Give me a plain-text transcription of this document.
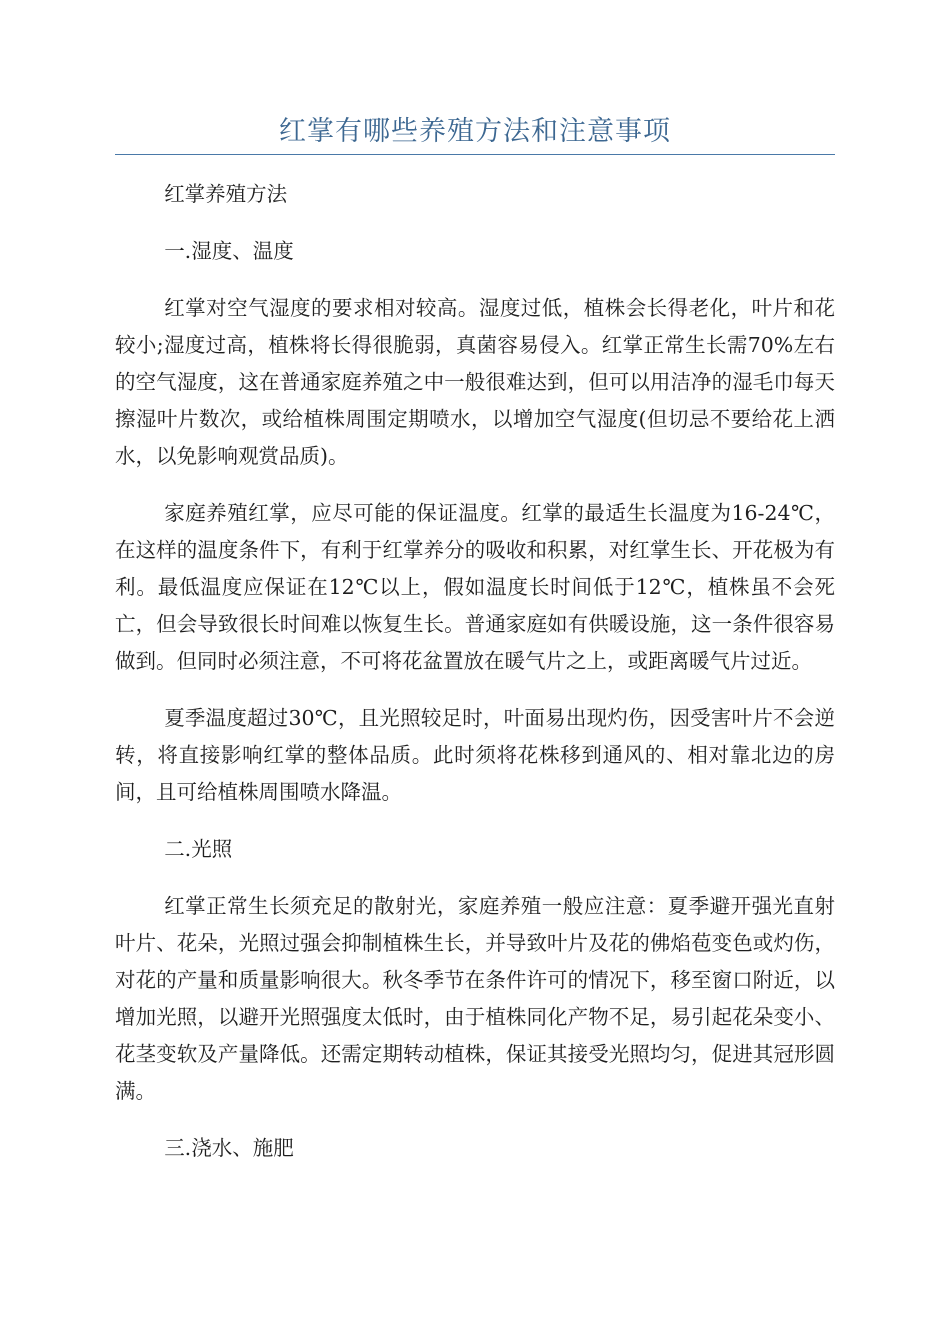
红掌有哪些养殖方法和注意事项

红掌养殖方法

一.湿度、温度

红掌对空气湿度的要求相对较高。湿度过低，植株会长得老化，叶片和花较小;湿度过高，植株将长得很脆弱，真菌容易侵入。红掌正常生长需70%左右的空气湿度，这在普通家庭养殖之中一般很难达到，但可以用洁净的湿毛巾每天擦湿叶片数次，或给植株周围定期喷水，以增加空气湿度(但切忌不要给花上洒水，以免影响观赏品质)。

家庭养殖红掌，应尽可能的保证温度。红掌的最适生长温度为16-24℃，在这样的温度条件下，有利于红掌养分的吸收和积累，对红掌生长、开花极为有利。最低温度应保证在12℃以上，假如温度长时间低于12℃，植株虽不会死亡，但会导致很长时间难以恢复生长。普通家庭如有供暖设施，这一条件很容易做到。但同时必须注意，不可将花盆置放在暖气片之上，或距离暖气片过近。

夏季温度超过30℃，且光照较足时，叶面易出现灼伤，因受害叶片不会逆转，将直接影响红掌的整体品质。此时须将花株移到通风的、相对靠北边的房间，且可给植株周围喷水降温。

二.光照

红掌正常生长须充足的散射光，家庭养殖一般应注意：夏季避开强光直射叶片、花朵，光照过强会抑制植株生长，并导致叶片及花的佛焰苞变色或灼伤，对花的产量和质量影响很大。秋冬季节在条件许可的情况下，移至窗口附近，以增加光照，以避开光照强度太低时，由于植株同化产物不足，易引起花朵变小、花茎变软及产量降低。还需定期转动植株，保证其接受光照均匀，促进其冠形圆满。

三.浇水、施肥
